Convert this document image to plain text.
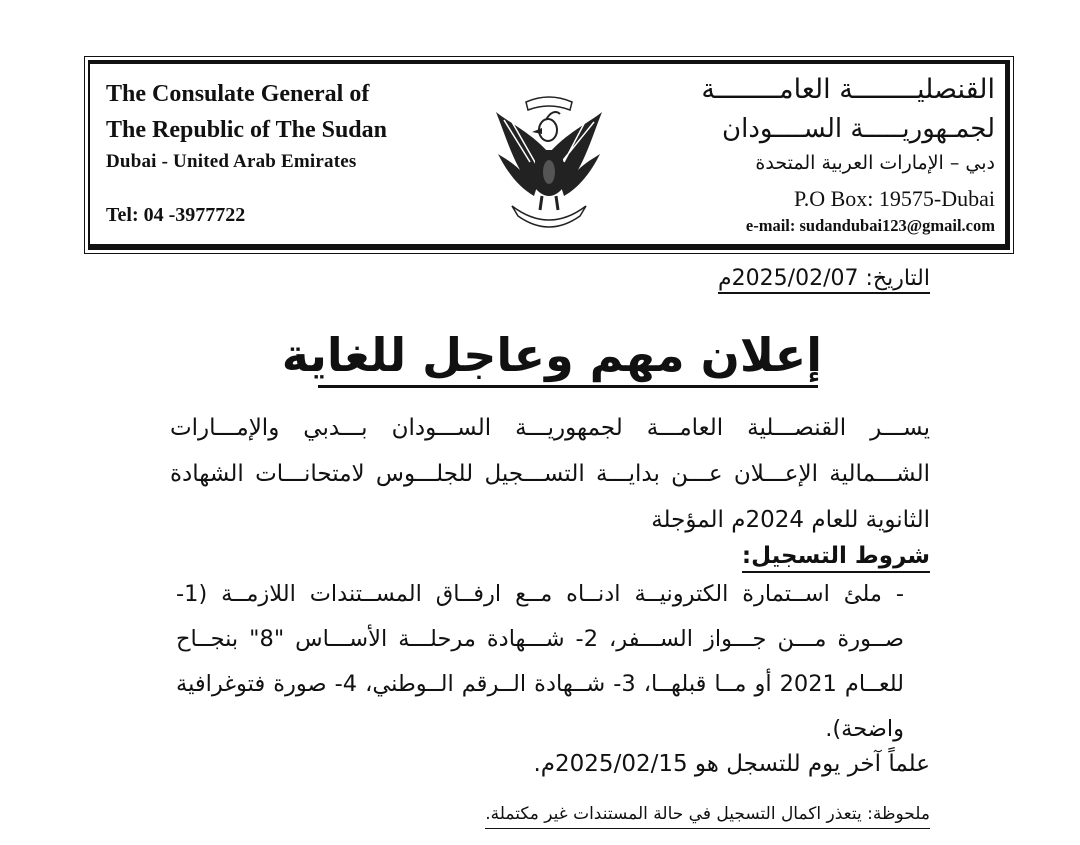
The Consulate General of
The Republic of The Sudan
Dubai - United Arab Emirates
Tel: 04 -3977722
القنصليــــــــة العامــــــــة
لجمـهوريـــــة الســــودان
دبي – الإمارات العربية المتحدة
P.O Box: 19575-Dubai
e-mail: sudandubai123@gmail.com
التاريخ: 2025/02/07م
إعلان مهم وعاجل للغاية

يســـر القنصـــلية العامـــة لجمهوريـــة الســـودان بـــدبي والإمـــارات الشـــمالية الإعـــلان عـــن بدايـــة التســـجيل للجلـــوس لامتحانـــات الشهادة الثانوية للعام 2024م المؤجلة

شروط التسجيل:

- ملئ اســتمارة الكترونيــة ادنــاه مــع ارفــاق المســتندات اللازمــة (1- صــورة مـــن جـــواز الســـفر، 2- شـــهادة مرحلـــة الأســـاس "8" بنجــاح للعــام 2021 أو مــا قبلهــا، 3- شــهادة الــرقم الــوطني، 4- صورة فتوغرافية واضحة).

علماً آخر يوم للتسجل هو 2025/02/15م.
ملحوظة: يتعذر اكمال التسجيل في حالة المستندات غير مكتملة.
